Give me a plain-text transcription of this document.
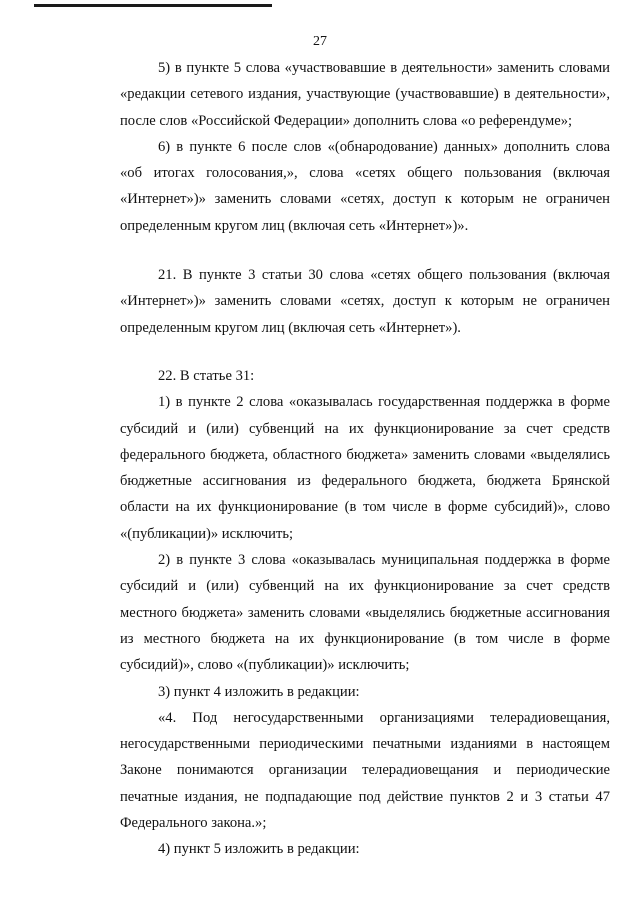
27

5) в пункте 5 слова «участвовавшие в деятельности» заменить словами «редакции сетевого издания, участвующие (участвовавшие) в деятельности», после слов «Российской Федерации» дополнить слова «о референдуме»;

6) в пункте 6 после слов «(обнародование) данных» дополнить слова «об итогах голосования,», слова «сетях общего пользования (включая «Интернет»)» заменить словами «сетях, доступ к которым не ограничен определенным кругом лиц (включая сеть «Интернет»)».

21. В пункте 3 статьи 30 слова «сетях общего пользования (включая «Интернет»)» заменить словами «сетях, доступ к которым не ограничен определенным кругом лиц (включая сеть «Интернет»).

22. В статье 31:

1) в пункте 2 слова «оказывалась государственная поддержка в форме субсидий и (или) субвенций на их функционирование за счет средств федерального бюджета, областного бюджета» заменить словами «выделялись бюджетные ассигнования из федерального бюджета, бюджета Брянской области на их функционирование (в том числе в форме субсидий)», слово «(публикации)» исключить;

2) в пункте 3 слова «оказывалась муниципальная поддержка в форме субсидий и (или) субвенций на их функционирование за счет средств местного бюджета» заменить словами «выделялись бюджетные ассигнования из местного бюджета на их функционирование (в том числе в форме субсидий)», слово «(публикации)» исключить;

3) пункт 4 изложить в редакции:

«4. Под негосударственными организациями телерадиовещания, негосударственными периодическими печатными изданиями в настоящем Законе понимаются организации телерадиовещания и периодические печатные издания, не подпадающие под действие пунктов 2 и 3 статьи 47 Федерального закона.»;

4) пункт 5 изложить в редакции:
